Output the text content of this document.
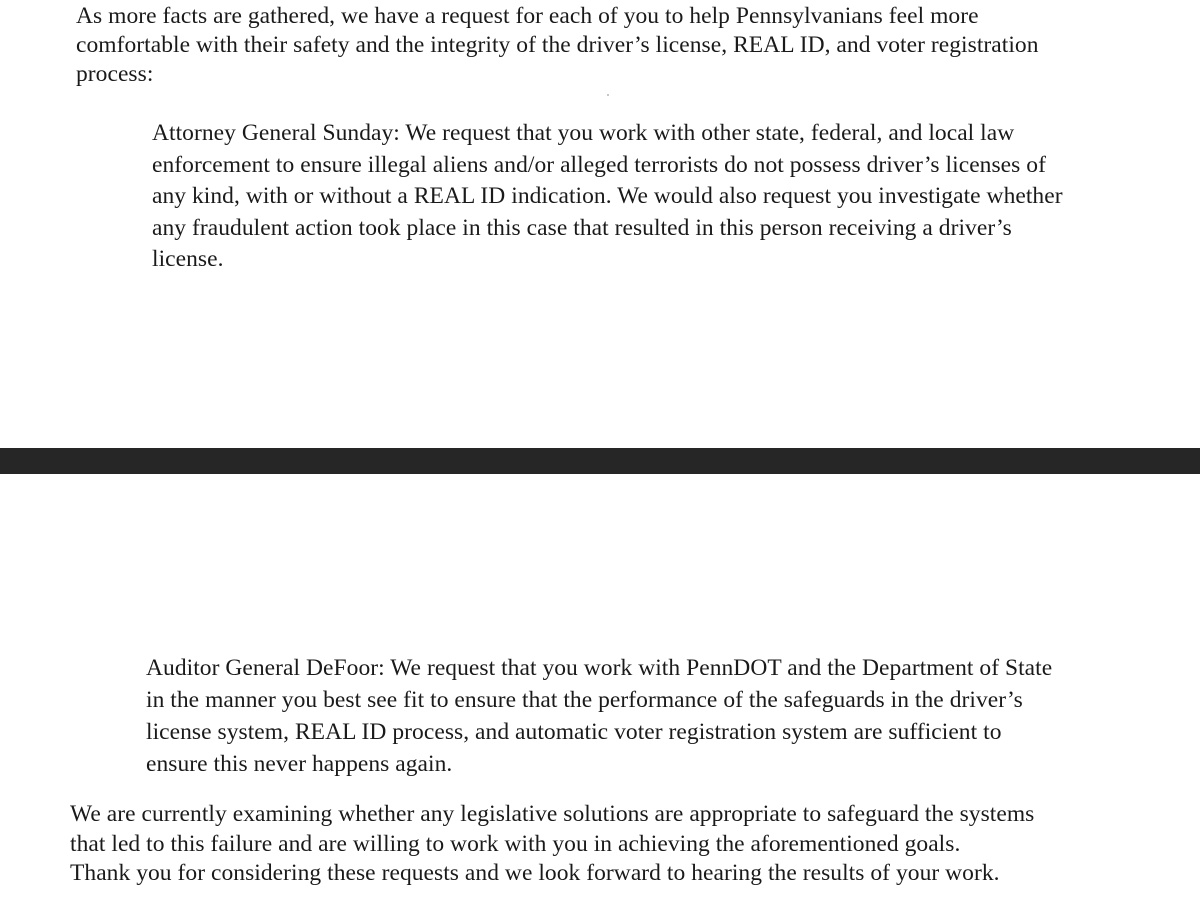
As more facts are gathered, we have a request for each of you to help Pennsylvanians feel more
comfortable with their safety and the integrity of the driver’s license, REAL ID, and voter registration
process:

Attorney General Sunday: We request that you work with other state, federal, and local law
enforcement to ensure illegal aliens and/or alleged terrorists do not possess driver’s licenses of
any kind, with or without a REAL ID indication. We would also request you investigate whether
any fraudulent action took place in this case that resulted in this person receiving a driver’s
license.

Auditor General DeFoor: We request that you work with PennDOT and the Department of State
in the manner you best see fit to ensure that the performance of the safeguards in the driver’s
license system, REAL ID process, and automatic voter registration system are sufficient to
ensure this never happens again.

We are currently examining whether any legislative solutions are appropriate to safeguard the systems
that led to this failure and are willing to work with you in achieving the aforementioned goals.
Thank you for considering these requests and we look forward to hearing the results of your work.
